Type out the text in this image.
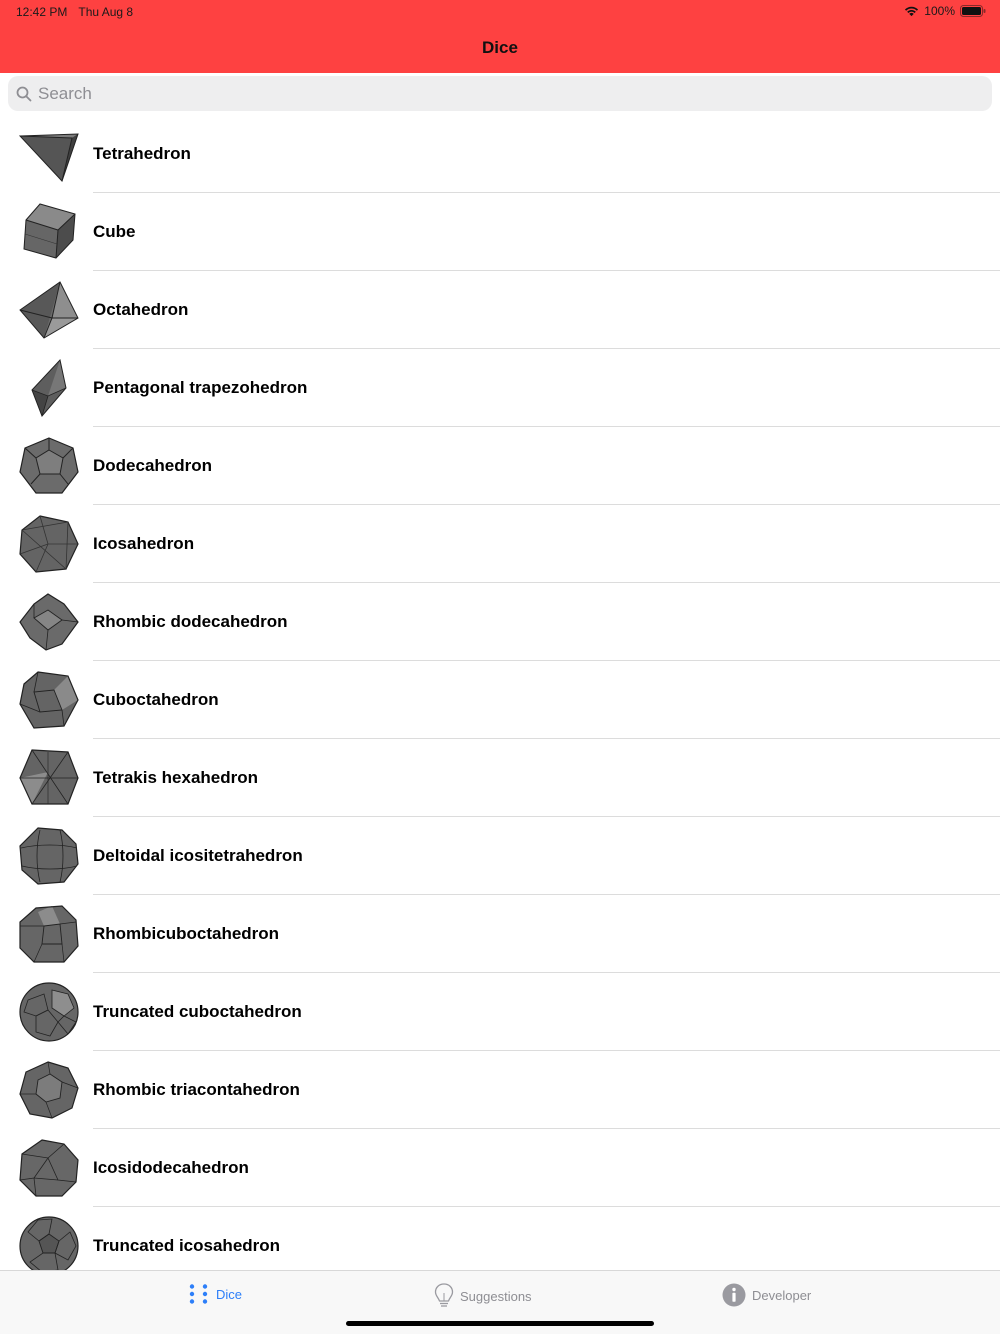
12:42 PM Thu Aug 8	100%
Dice
Search
Tetrahedron
Cube
Octahedron
Pentagonal trapezohedron
Dodecahedron
Icosahedron
Rhombic dodecahedron
Cuboctahedron
Tetrakis hexahedron
Deltoidal icositetrahedron
Rhombicuboctahedron
Truncated cuboctahedron
Rhombic triacontahedron
Icosidodecahedron
Truncated icosahedron
Dice	Suggestions	Developer
